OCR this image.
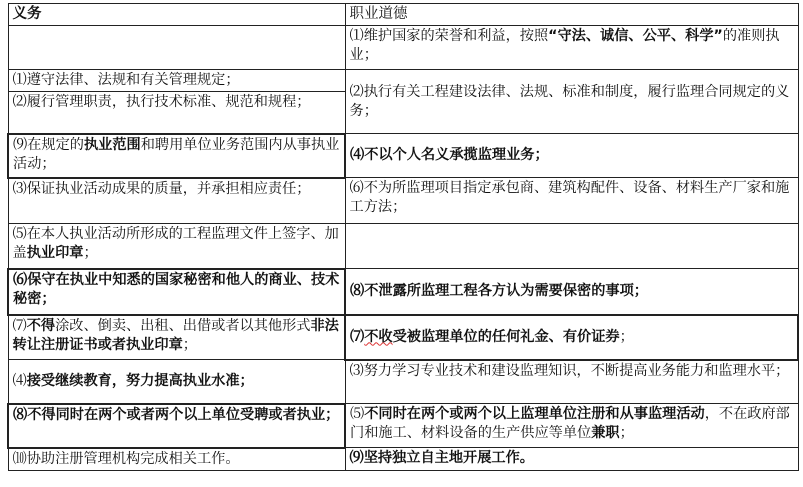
义务	职业道德
	⑴维护国家的荣誉和利益，按照“守法、诚信、公平、科学”的准则执业；
⑴遵守法律、法规和有关管理规定；	⑵执行有关工程建设法律、法规、标准和制度，履行监理合同规定的义务；
⑵履行管理职责，执行技术标准、规范和规程；	
⑼在规定的执业范围和聘用单位业务范围内从事执业活动；	⑷不以个人名义承揽监理业务；
⑶保证执业活动成果的质量，并承担相应责任；	⑹不为所监理项目指定承包商、建筑构配件、设备、材料生产厂家和施工方法；
⑸在本人执业活动所形成的工程监理文件上签字、加盖执业印章；	
⑹保守在执业中知悉的国家秘密和他人的商业、技术秘密；	⑻不泄露所监理工程各方认为需要保密的事项；
⑺不得涂改、倒卖、出租、出借或者以其他形式非法转让注册证书或者执业印章；	⑺不收受被监理单位的任何礼金、有价证券；
⑷接受继续教育，努力提高执业水准；	⑶努力学习专业技术和建设监理知识，不断提高业务能力和监理水平；
⑻不得同时在两个或者两个以上单位受聘或者执业；	⑸不同时在两个或两个以上监理单位注册和从事监理活动，不在政府部门和施工、材料设备的生产供应等单位兼职；
⑽协助注册管理机构完成相关工作。	⑼坚持独立自主地开展工作。
